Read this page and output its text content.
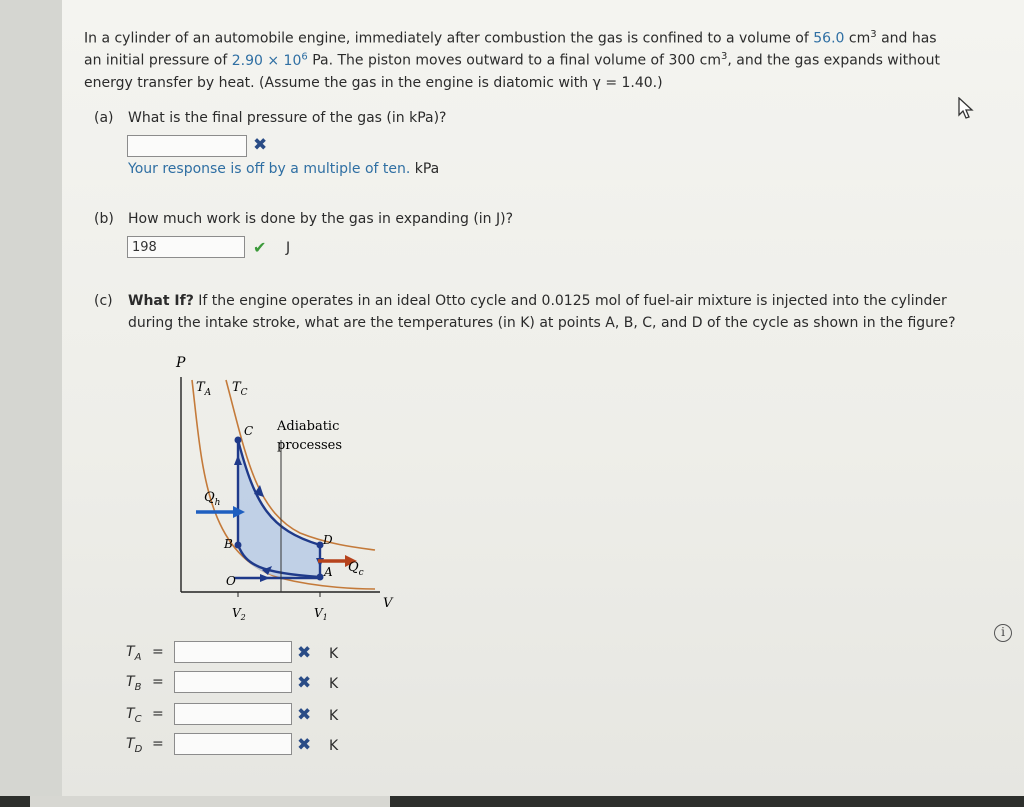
In a cylinder of an automobile engine, immediately after combustion the gas is confined to a volume of 56.0 $cm^3$ and has
an initial pressure of $2.90 \times 10^6$ Pa. The piston moves outward to a final volume of 300 $cm^3$, and the gas expands without
energy transfer by heat. (Assume the gas in the engine is diatomic with γ = 1.40.)
(a) What is the final pressure of the gas (in kPa)?
✖
Your response is off by a multiple of ten. kPa
(b) How much work is done by the gas in expanding (in J)?
198	✔ J
(c) What If? If the engine operates in an ideal Otto cycle and 0.0125 mol of fuel-air mixture is injected into the cylinder
during the intake stroke, what are the temperatures (in K) at points A, B, C, and D of the cycle as shown in the figure?
P
V
$T_A$ $T_C$
Adiabatic
processes
C
B	D
A
O
$Q_h$
$Q_c$
$V_2$	$V_1$
$T_A$ =	✖ K
$T_B$ =	✖ K
$T_C$ =	✖ K
$T_D$ =	✖ K
i
